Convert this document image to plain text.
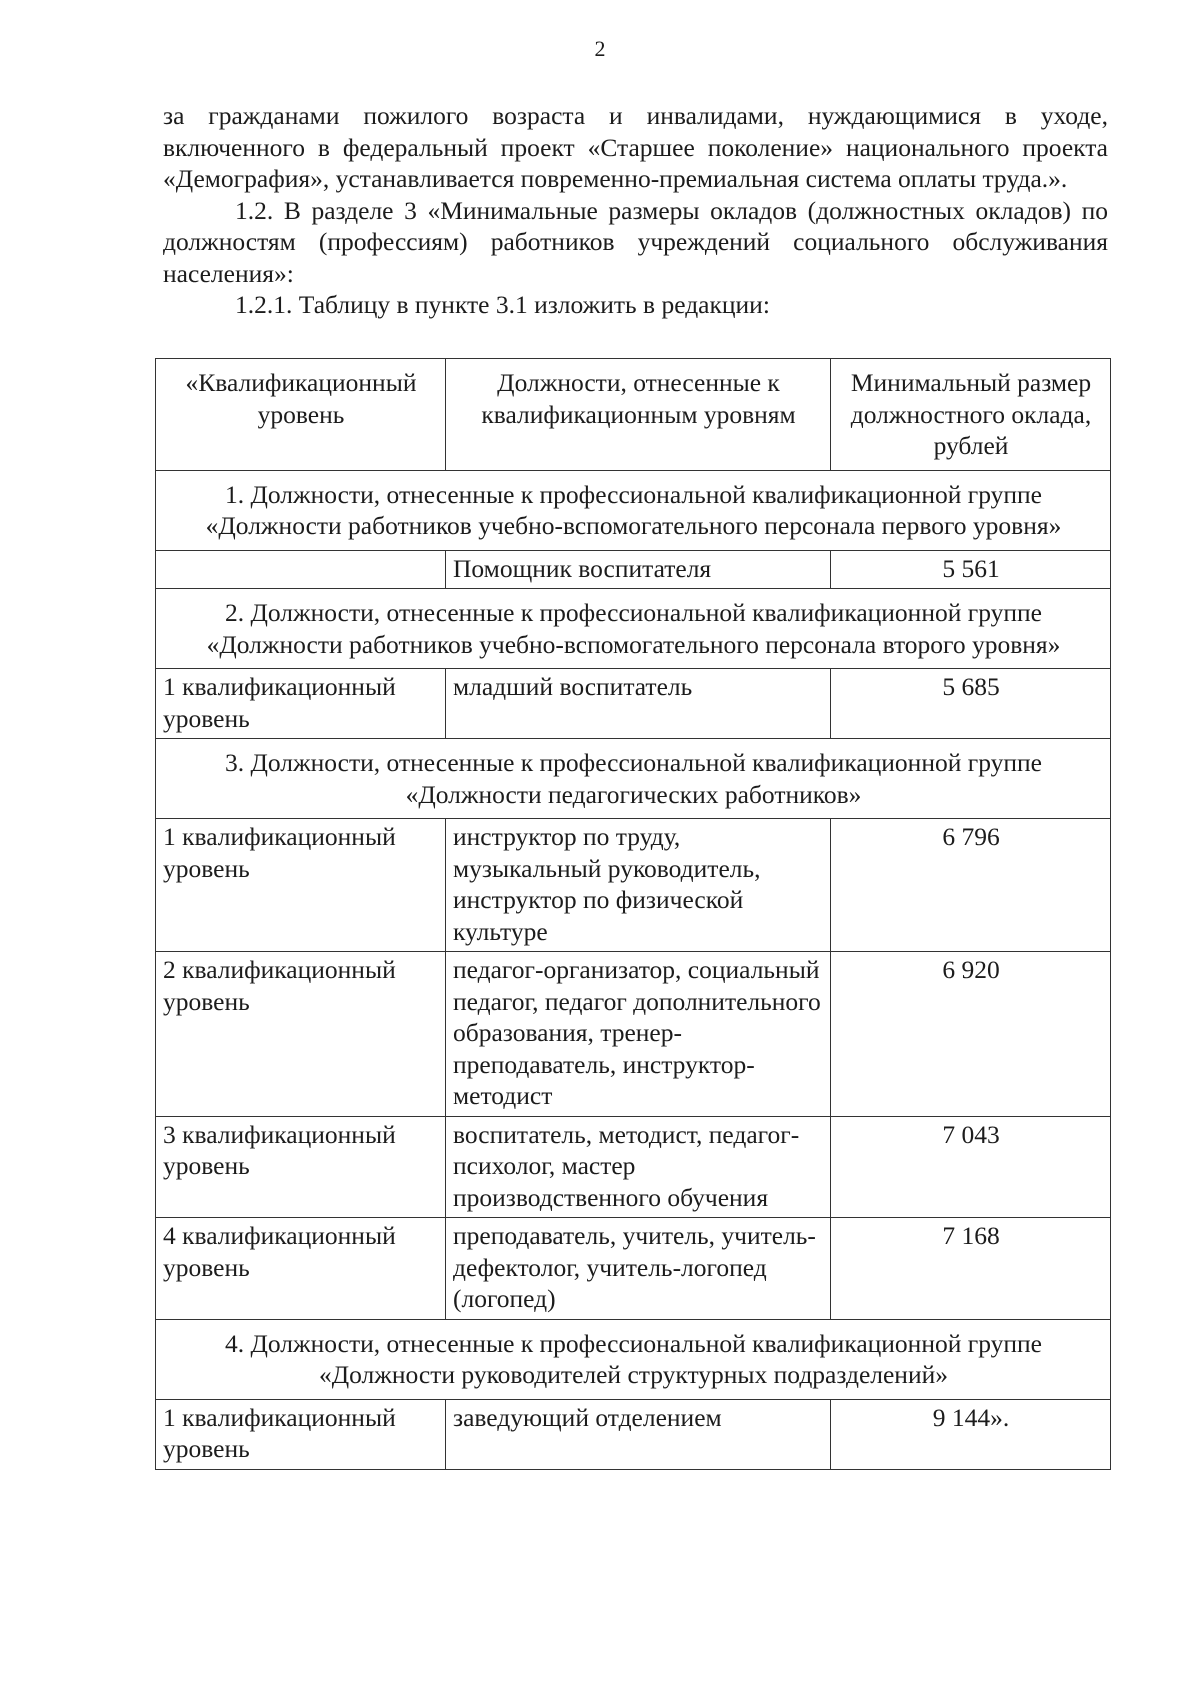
2

за гражданами пожилого возраста и инвалидами, нуждающимися в уходе, включенного в федеральный проект «Старшее поколение» национального проекта «Демография», устанавливается повременно-премиальная система оплаты труда.».

1.2. В разделе 3 «Минимальные размеры окладов (должностных окладов) по должностям (профессиям) работников учреждений социального обслуживания населения»:

1.2.1. Таблицу в пункте 3.1 изложить в редакции:

«Квалификационный уровень	Должности, отнесенные к квалификационным уровням	Минимальный размер должностного оклада, рублей
1. Должности, отнесенные к профессиональной квалификационной группе «Должности работников учебно-вспомогательного персонала первого уровня»		
	Помощник воспитателя	5 561
2. Должности, отнесенные к профессиональной квалификационной группе «Должности работников учебно-вспомогательного персонала второго уровня»		
1 квалификационный уровень	младший воспитатель	5 685
3. Должности, отнесенные к профессиональной квалификационной группе «Должности педагогических работников»		
1 квалификационный уровень	инструктор по труду, музыкальный руководитель, инструктор по физической культуре	6 796
2 квалификационный уровень	педагог-организатор, социальный педагог, педагог дополнительного образования, тренер-преподаватель, инструктор-методист	6 920
3 квалификационный уровень	воспитатель, методист, педагог-психолог, мастер производственного обучения	7 043
4 квалификационный уровень	преподаватель, учитель, учитель-дефектолог, учитель-логопед (логопед)	7 168
4. Должности, отнесенные к профессиональной квалификационной группе «Должности руководителей структурных подразделений»		
1 квалификационный уровень	заведующий отделением	9 144».
